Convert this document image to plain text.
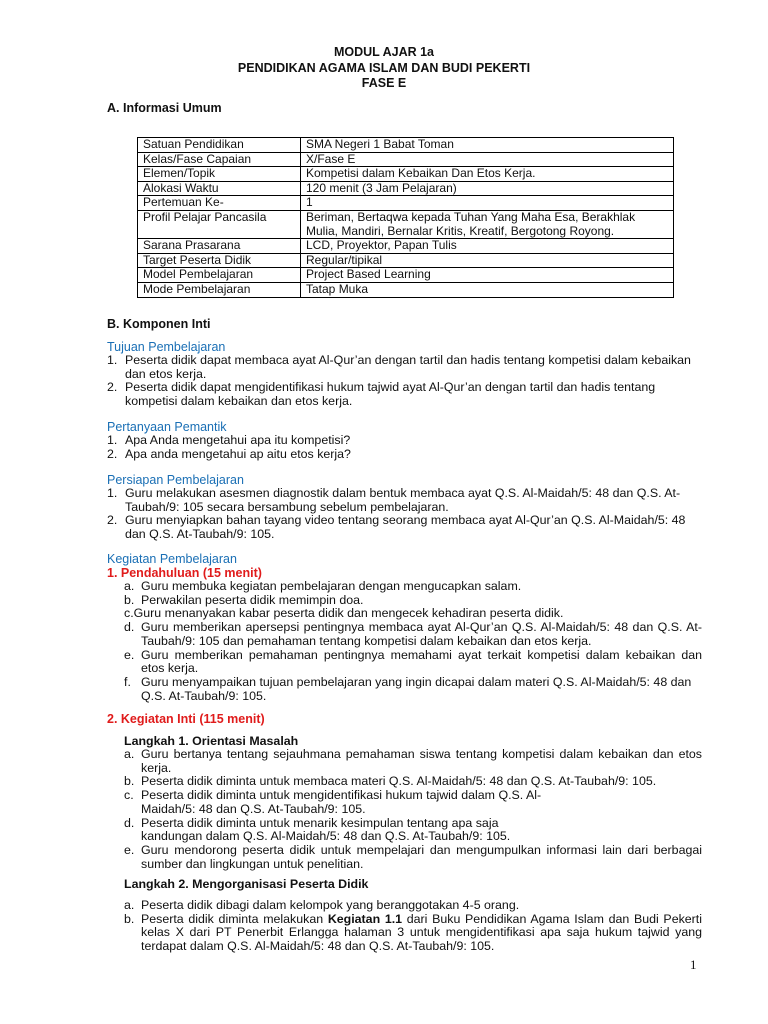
MODUL AJAR 1a
PENDIDIKAN AGAMA ISLAM DAN BUDI PEKERTI
FASE E
A. Informasi Umum
Satuan Pendidikan	SMA Negeri 1 Babat Toman
Kelas/Fase Capaian	X/Fase E
Elemen/Topik	Kompetisi dalam Kebaikan Dan Etos Kerja.
Alokasi Waktu	120 menit (3 Jam Pelajaran)
Pertemuan Ke-	1
Profil Pelajar Pancasila	Beriman, Bertaqwa kepada Tuhan Yang Maha Esa, Berakhlak Mulia, Mandiri, Bernalar Kritis, Kreatif, Bergotong Royong.
Sarana Prasarana	LCD, Proyektor, Papan Tulis
Target Peserta Didik	Regular/tipikal
Model Pembelajaran	Project Based Learning
Mode Pembelajaran	Tatap Muka
B. Komponen Inti
Tujuan Pembelajaran
1. Peserta didik dapat membaca ayat Al-Qur’an dengan tartil dan hadis tentang kompetisi dalam kebaikan dan etos kerja.
2. Peserta didik dapat mengidentifikasi hukum tajwid ayat Al-Qur’an dengan tartil dan hadis tentang kompetisi dalam kebaikan dan etos kerja.
Pertanyaan Pemantik
1. Apa Anda mengetahui apa itu kompetisi?
2. Apa anda mengetahui ap aitu etos kerja?
Persiapan Pembelajaran
1. Guru melakukan asesmen diagnostik dalam bentuk membaca ayat Q.S. Al-Maidah/5: 48 dan Q.S. At-Taubah/9: 105 secara bersambung sebelum pembelajaran.
2. Guru menyiapkan bahan tayang video tentang seorang membaca ayat Al-Qur’an Q.S. Al-Maidah/5: 48 dan Q.S. At-Taubah/9: 105.
Kegiatan Pembelajaran
1. Pendahuluan (15 menit)
a. Guru membuka kegiatan pembelajaran dengan mengucapkan salam.
b. Perwakilan peserta didik memimpin doa.
c.Guru menanyakan kabar peserta didik dan mengecek kehadiran peserta didik.
d. Guru memberikan apersepsi pentingnya membaca ayat Al-Qur’an Q.S. Al-Maidah/5: 48 dan Q.S. At-Taubah/9: 105 dan pemahaman tentang kompetisi dalam kebaikan dan etos kerja.
e. Guru memberikan pemahaman pentingnya memahami ayat terkait kompetisi dalam kebaikan dan etos kerja.
f. Guru menyampaikan tujuan pembelajaran yang ingin dicapai dalam materi Q.S. Al-Maidah/5: 48 dan Q.S. At-Taubah/9: 105.
2. Kegiatan Inti (115 menit)
Langkah 1. Orientasi Masalah
a. Guru bertanya tentang sejauhmana pemahaman siswa tentang kompetisi dalam kebaikan dan etos kerja.
b. Peserta didik diminta untuk membaca materi Q.S. Al-Maidah/5: 48 dan Q.S. At-Taubah/9: 105.
c. Peserta didik diminta untuk mengidentifikasi hukum tajwid dalam Q.S. Al-Maidah/5: 48 dan Q.S. At-Taubah/9: 105.
d. Peserta didik diminta untuk menarik kesimpulan tentang apa saja kandungan dalam Q.S. Al-Maidah/5: 48 dan Q.S. At-Taubah/9: 105.
e. Guru mendorong peserta didik untuk mempelajari dan mengumpulkan informasi lain dari berbagai sumber dan lingkungan untuk penelitian.
Langkah 2. Mengorganisasi Peserta Didik
a. Peserta didik dibagi dalam kelompok yang beranggotakan 4-5 orang.
b. Peserta didik diminta melakukan Kegiatan 1.1 dari Buku Pendidikan Agama Islam dan Budi Pekerti kelas X dari PT Penerbit Erlangga halaman 3 untuk mengidentifikasi apa saja hukum tajwid yang terdapat dalam Q.S. Al-Maidah/5: 48 dan Q.S. At-Taubah/9: 105.
1
